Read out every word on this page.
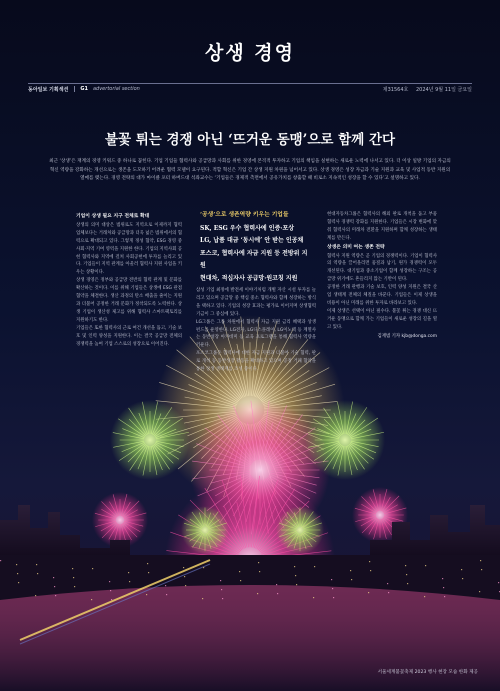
상생 경영
동아일보 기획섹션	G1 advertorial section	제31564호 2024년 9월 11일 금요일
불꽃 튀는 경쟁 아닌 ‘뜨거운 동맹’으로 함께 간다
최근 ‘상생’은 재계의 경영 키워드 중 하나로 꼽힌다. 기업 기업들 협력사와 공급망과 사회를 위한 경영에 본격적 투자하고 기업의 책임을 실현하는 새로운 노력에 나서고 있다. 더 이상 일방 기업의 자금의 혁신 역량을 강화하는 개선으로는 생존을 도모하기 어려운 협력 모델이 요구된다. 적합 혁신은 기업 간 상생 지원 차원을 넘어서고 있다. 상생 경영은 성장 자금과 기술 지원과 교육 및 사업적 동반 지원의 열매를 맺는다. 경영 전략의 대가 마이클 포터 하버드대 석좌교수는 ‘기업들은 경제적 측면에서 공유가치를 창출할 때 비로소 지속적인 성장을 할 수 있다’고 설명하고 있다.
기업이 상생 필요 지구 전체로 확대

상생의 의미 대상은 범위로도 지역으로 이제까지 협력 업체보다는 거래처와 공급망과 더욱 넓은 범위에서의 협력으로 확대되고 있다. 그렇게 정성 협약, ESG 경영 중 사회·지역 기여 영역을 지원한 한다. 기업의 지역사회 공헌 협력사와 지역에 걸쳐 사회공헌에 투자를 늘리고 있다. 기업들이 지역 관계를 아울러 협력사 지원 사업을 키우는 상황이다.

상생 경영은 정부와 공급망 전반의 협력 관계 및 문화를 확산하는 것이다. 이를 위해 기업들은 상생에 ESG 관점 협약을 체결한다. 생산 과정의 탄소 배출을 줄이는 지원과 더불어 공정한 거래 문화가 정착되도록 노력한다. 상생 기업이 생산성 제고를 위해 협력사 스마트팩토리를 지원하기도 한다.

기업들은 또한 협력사의 근로 여건 개선을 돕고, 기술 보호 및 인력 양성을 지원한다. 이는 결국 공급망 전체의 경쟁력을 높여 기업 스스로의 성장으로 이어진다.

‘공생’으로 생존역량 키우는 기업들
SK, ESG 우수 협력사에 인증·포상
LG, 납품 대금 ‘동시에’ 안 받는 인공채
포스코, 협력사에 자금 지원 등 전방위 지원
현대차, 적십자사 공급망·원코칭 지원

삼성 기업 최정에 발전세 이야기처럼 개별 자산 시설 투자를 늘리고 있으며 공급망 중 핵심 중소 협력사와 함께 성장하는 방식을 택하고 있다. 기업의 성장 효과는 평가로 이어지며 상생협력기금이 그 중심에 있다.

LG그룹은 그룹 차원에서 협력사 자금 지원 금리 혜택과 상생 펀드를 운영한다. LG전자, LG디스플레이, LG이노텍 등 계열사는 동반성장 아카데미 등 교육 프로그램을 통해 협력사 역량을 키운다.

포스코그룹은 협력사에 대한 자금 지원과 더불어 기술 협력, 판로 개척 등 동반성장 활동을 확대하고 있으며 공정 거래 협약을 통한 상생 생태계를 조성 중이다.

현대자동차그룹은 협력사의 해외 판로 개척을 돕고 부품 협력사 경쟁력 강화를 지원한다. 기업들은 시장 변화에 맞춰 협력사의 미래차 전환을 지원하며 함께 성장하는 생태계를 만든다.

상생은 의미 여는 생존 전략

협력사 지원 역량은 곧 기업의 경쟁력이다. 기업이 협력사의 역량을 끌어올리면 품질과 납기, 원가 경쟁력이 모두 개선된다. 대기업과 중소기업이 함께 성장하는 구조는 공급망 위기에도 흔들리지 않는 기반이 된다.

공정한 거래 관행과 기술 보호, 인력 양성 지원은 결국 산업 생태계 전체의 체질을 바꾼다. 기업들은 이제 상생을 비용이 아닌 미래를 위한 투자로 바라보고 있다.

이제 상생은 선택이 아닌 필수다. 불꽃 튀는 경쟁 대신 뜨거운 동맹으로 함께 가는 기업들이 새로운 성장의 길을 열고 있다.

김재범 기자 kjb@donga.com
서울세계불꽃축제 2023 행사 현장 모습 한화 제공
